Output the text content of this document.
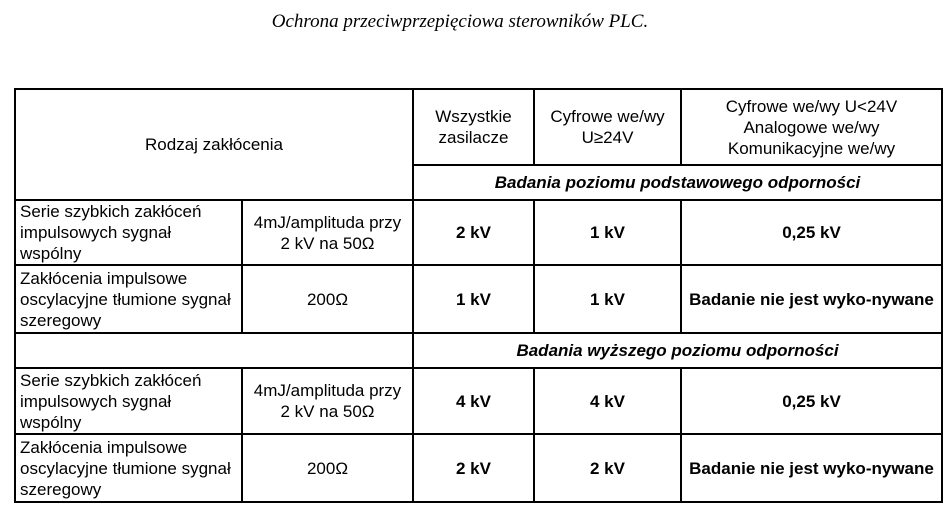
Ochrona przeciwprzepięciowa sterowników PLC.
Rodzaj zakłócenia		Wszystkie zasilacze	Cyfrowe we/wy U≥24V	Cyfrowe we/wy U<24V Analogowe we/wy Komunikacyjne we/wy
		Badania poziomu podstawowego odporności		
Serie szybkich zakłóceń impulsowych sygnał wspólny	4mJ/amplituda przy 2 kV na 50Ω	2 kV	1 kV	0,25 kV
Zakłócenia impulsowe oscylacyjne tłumione sygnał szeregowy	200Ω	1 kV	1 kV	Badanie nie jest wyko-nywane
		Badania wyższego poziomu odporności		
Serie szybkich zakłóceń impulsowych sygnał wspólny	4mJ/amplituda przy 2 kV na 50Ω	4 kV	4 kV	0,25 kV
Zakłócenia impulsowe oscylacyjne tłumione sygnał szeregowy	200Ω	2 kV	2 kV	Badanie nie jest wyko-nywane
